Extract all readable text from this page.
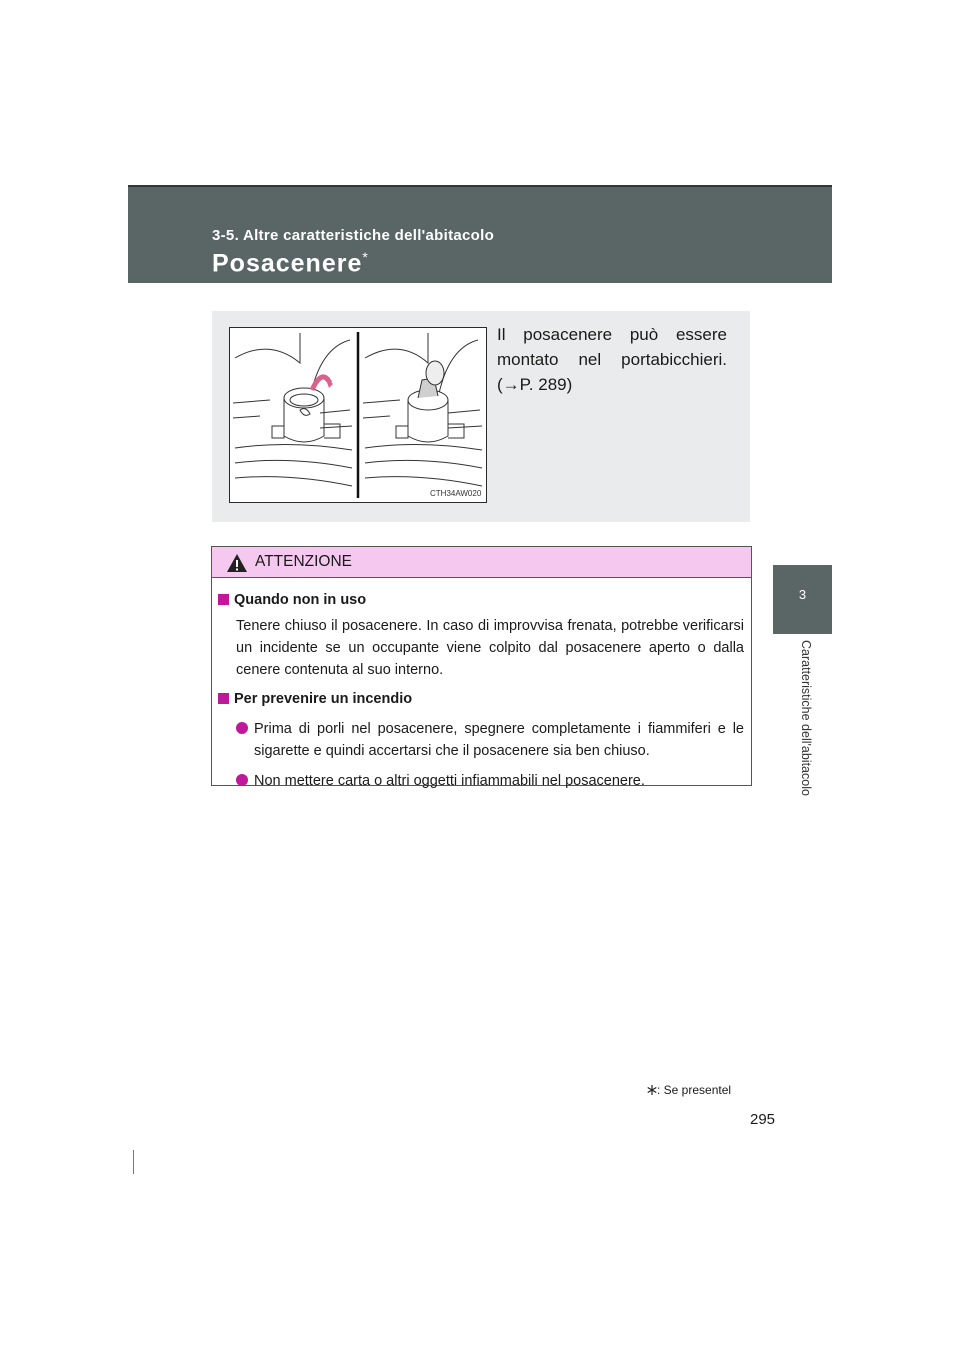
3-5. Altre caratteristiche dell'abitacolo
Posacenere*
3
Caratteristiche dell'abitacolo
CTH34AW020
Il posacenere può essere montato nel portabicchieri. (→P. 289)
ATTENZIONE
Quando non in uso
Tenere chiuso il posacenere. In caso di improvvisa frenata, potrebbe verificarsi un incidente se un occupante viene colpito dal posacenere aperto o dalla cenere contenuta al suo interno.
Per prevenire un incendio
Prima di porli nel posacenere, spegnere completamente i fiammiferi e le sigarette e quindi accertarsi che il posacenere sia ben chiuso.
Non mettere carta o altri oggetti infiammabili nel posacenere.
: Se presentel
295
